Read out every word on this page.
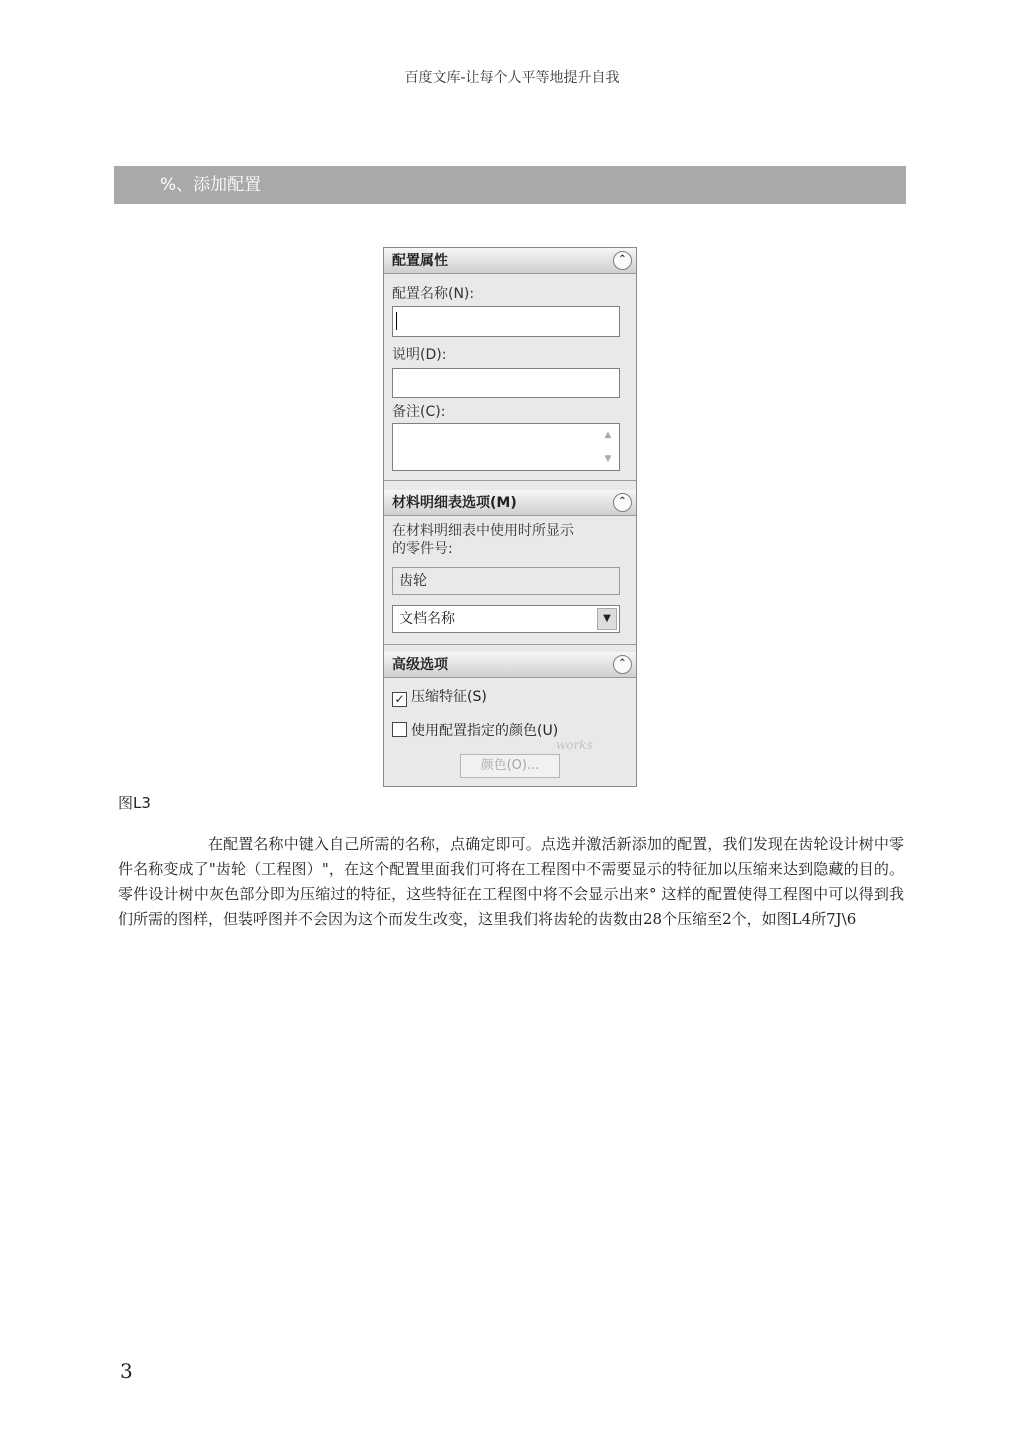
百度文库-让每个人平等地提升自我
%、添加配置
配置属性	⌃
配置名称(N):
说明(D):
备注(C):
▲
▼
材料明细表选项(M)	⌃
在材料明细表中使用时所显示的零件号:
齿轮
文档名称	▼
高级选项	⌃
✓ 压缩特征(S)
使用配置指定的颜色(U)
works
颜色(O)...
图L3
在配置名称中键入自己所需的名称，点确定即可。点选并激活新添加的配置，我们发现在齿轮设计树中零件名称变成了"齿轮（工程图）"，在这个配置里面我们可将在工程图中不需要显示的特征加以压缩来达到隐藏的目的。零件设计树中灰色部分即为压缩过的特征，这些特征在工程图中将不会显示出来° 这样的配置使得工程图中可以得到我们所需的图样，但装呼图并不会因为这个而发生改变，这里我们将齿轮的齿数由28个压缩至2个，如图L4所7J\6
3
